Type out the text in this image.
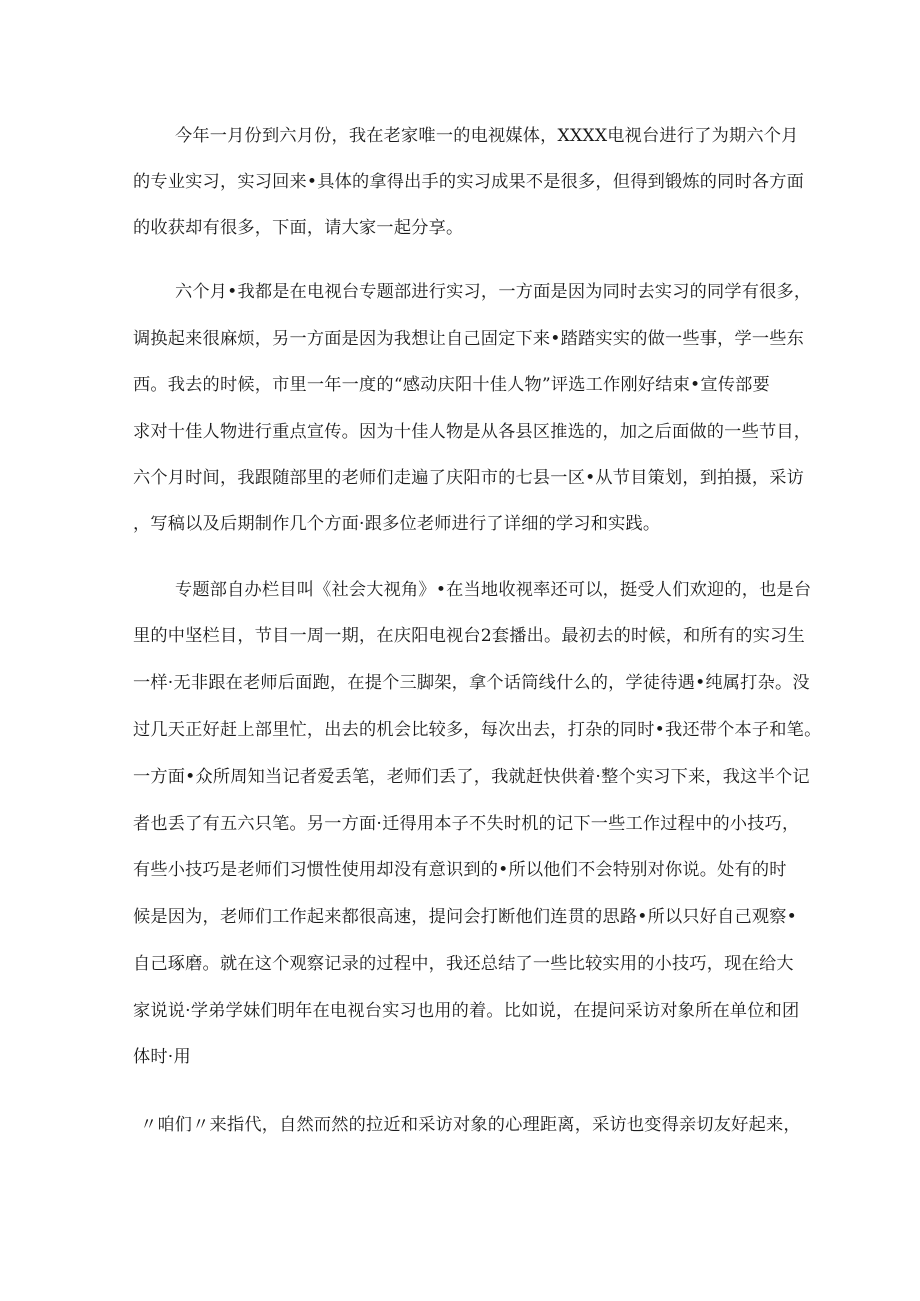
今年一月份到六月份，我在老家唯一的电视媒体，XXXX电视台进行了为期六个月
的专业实习，实习回来•具体的拿得出手的实习成果不是很多，但得到锻炼的同时各方面
的收获却有很多，下面，请大家一起分享。
六个月•我都是在电视台专题部进行实习，一方面是因为同时去实习的同学有很多，
调换起来很麻烦，另一方面是因为我想让自己固定下来•踏踏实实的做一些事，学一些东
西。我去的时候，市里一年一度的“感动庆阳十佳人物”评选工作刚好结束•宣传部要
求对十佳人物进行重点宣传。因为十佳人物是从各县区推选的，加之后面做的一些节目，
六个月时间，我跟随部里的老师们走遍了庆阳市的七县一区•从节目策划，到拍摄，采访
，写稿以及后期制作几个方面·跟多位老师进行了详细的学习和实践。
专题部自办栏目叫《社会大视角》•在当地收视率还可以，挺受人们欢迎的，也是台
里的中坚栏目，节目一周一期，在庆阳电视台2套播出。最初去的时候，和所有的实习生
一样·无非跟在老师后面跑，在提个三脚架，拿个话筒线什么的，学徒待遇•纯属打杂。没
过几天正好赶上部里忙，出去的机会比较多，每次出去，打杂的同时•我还带个本子和笔。
一方面•众所周知当记者爱丢笔，老师们丢了，我就赶快供着·整个实习下来，我这半个记
者也丢了有五六只笔。另一方面·迁得用本子不失时机的记下一些工作过程中的小技巧，
有些小技巧是老师们习惯性使用却没有意识到的•所以他们不会特别对你说。处有的时
候是因为，老师们工作起来都很高速，提问会打断他们连贯的思路•所以只好自己观察•
自己琢磨。就在这个观察记录的过程中，我还总结了一些比较实用的小技巧，现在给大
家说说·学弟学妹们明年在电视台实习也用的着。比如说，在提问采访对象所在单位和团
体时·用
〃咱们〃来指代，自然而然的拉近和采访对象的心理距离，采访也变得亲切友好起来，
